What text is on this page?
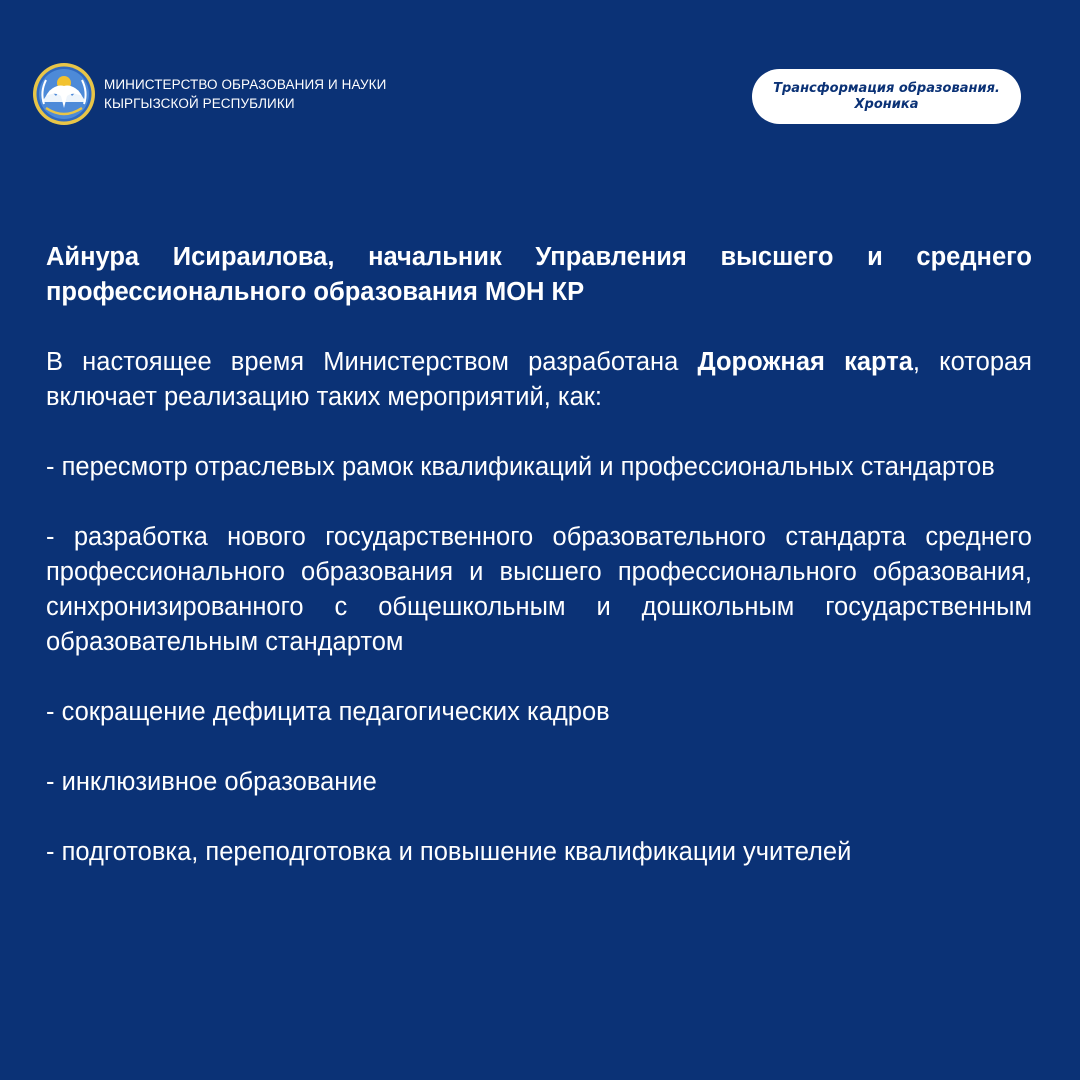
МИНИСТЕРСТВО ОБРАЗОВАНИЯ И НАУКИ
КЫРГЫЗСКОЙ РЕСПУБЛИКИ
Трансформация образования.
Хроника

Айнура Исираилова, начальник Управления высшего и среднего профессионального образования МОН КР

В настоящее время Министерством разработана Дорожная карта, которая включает реализацию таких мероприятий, как:

- пересмотр отраслевых рамок квалификаций и профессиональных стандартов

- разработка нового государственного образовательного стандарта среднего профессионального образования и высшего профессионального образования, синхронизированного с общешкольным и дошкольным государственным образовательным стандартом

- сокращение дефицита педагогических кадров

- инклюзивное образование

- подготовка, переподготовка и повышение квалификации учителей
